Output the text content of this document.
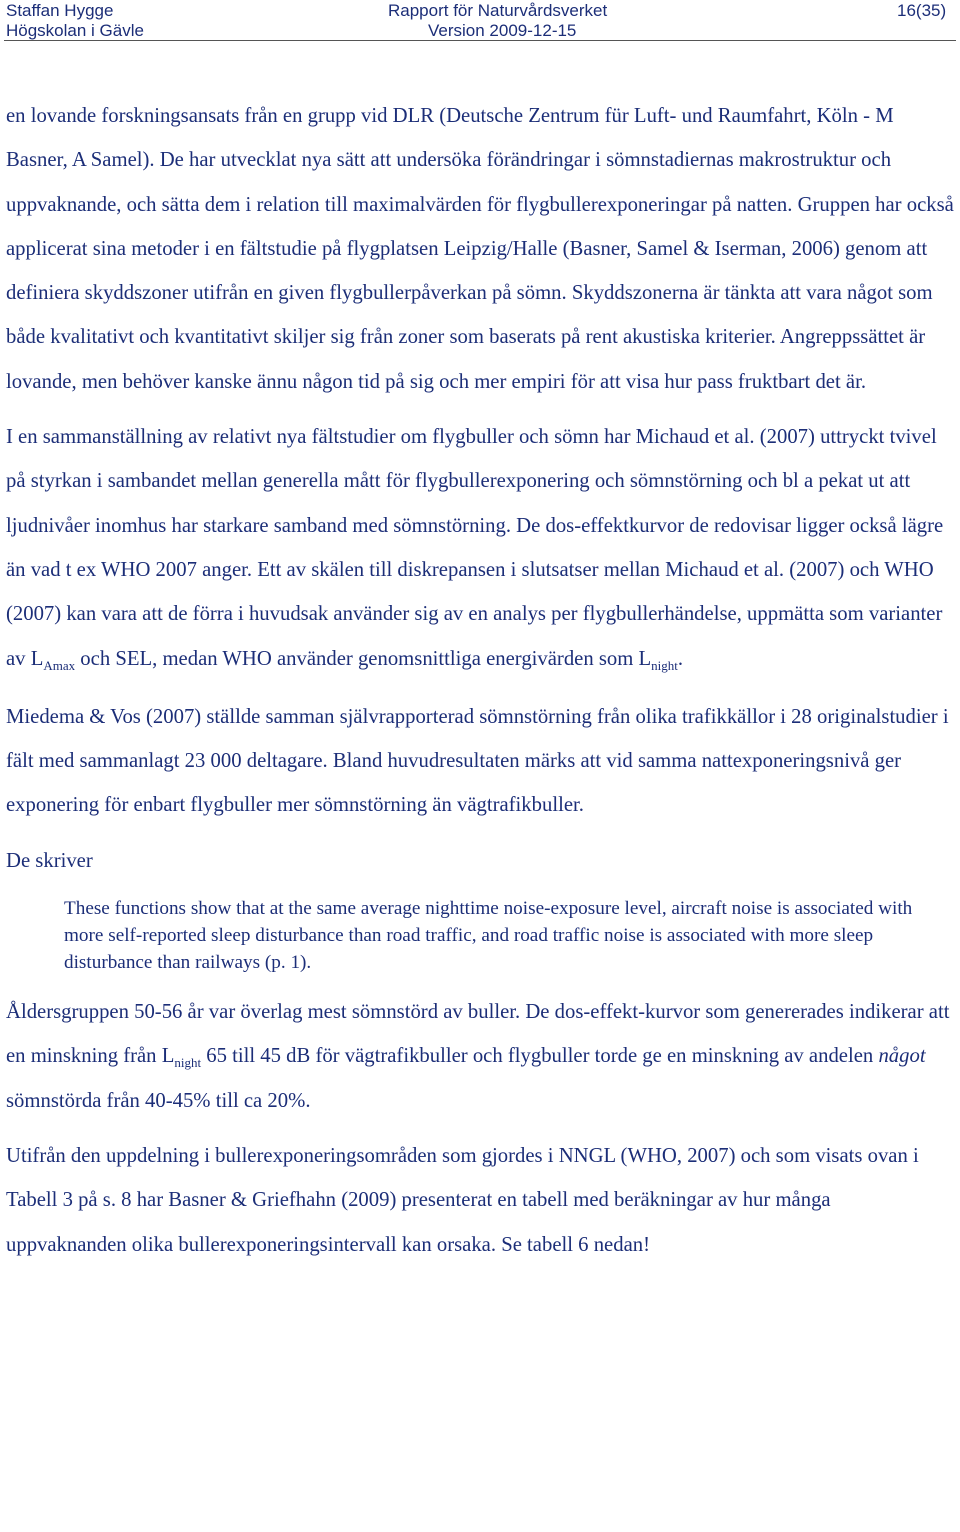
Staffan Hygge
Högskolan i Gävle
Rapport för Naturvårdsverket
Version 2009-12-15
16(35)

en lovande forskningsansats från en grupp vid DLR (Deutsche Zentrum für Luft- und Raumfahrt, Köln - M Basner, A Samel). De har utvecklat nya sätt att undersöka förändringar i sömnstadiernas makrostruktur och uppvaknande, och sätta dem i relation till maximalvärden för flygbullerexponeringar på natten. Gruppen har också applicerat sina metoder i en fältstudie på flygplatsen Leipzig/Halle (Basner, Samel & Iserman, 2006) genom att definiera skyddszoner utifrån en given flygbullerpåverkan på sömn. Skyddszonerna är tänkta att vara något som både kvalitativt och kvantitativt skiljer sig från zoner som baserats på rent akustiska kriterier. Angreppssättet är lovande, men behöver kanske ännu någon tid på sig och mer empiri för att visa hur pass fruktbart det är.

I en sammanställning av relativt nya fältstudier om flygbuller och sömn har Michaud et al. (2007) uttryckt tvivel på styrkan i sambandet mellan generella mått för flygbullerexponering och sömnstörning och bl a pekat ut att ljudnivåer inomhus har starkare samband med sömnstörning. De dos-effektkurvor de redovisar ligger också lägre än vad t ex WHO 2007 anger. Ett av skälen till diskrepansen i slutsatser mellan Michaud et al. (2007) och WHO (2007) kan vara att de förra i huvudsak använder sig av en analys per flygbullerhändelse, uppmätta som varianter av $L_{Amax}$ och SEL, medan WHO använder genomsnittliga energivärden som $L_{night}$.

Miedema & Vos (2007) ställde samman självrapporterad sömnstörning från olika trafikkällor i 28 originalstudier i fält med sammanlagt 23 000 deltagare. Bland huvudresultaten märks att vid samma nattexponeringsnivå ger exponering för enbart flygbuller mer sömnstörning än vägtrafikbuller.

De skriver

These functions show that at the same average nighttime noise-exposure level, aircraft noise is associated with more self-reported sleep disturbance than road traffic, and road traffic noise is associated with more sleep disturbance than railways (p. 1).

Åldersgruppen 50-56 år var överlag mest sömnstörd av buller. De dos-effekt-kurvor som genererades indikerar att en minskning från $L_{night}$ 65 till 45 dB för vägtrafikbuller och flygbuller torde ge en minskning av andelen något sömnstörda från 40-45% till ca 20%.

Utifrån den uppdelning i bullerexponeringsområden som gjordes i NNGL (WHO, 2007) och som visats ovan i Tabell 3 på s. 8 har Basner & Griefhahn (2009) presenterat en tabell med beräkningar av hur många uppvaknanden olika bullerexponeringsintervall kan orsaka. Se tabell 6 nedan!
